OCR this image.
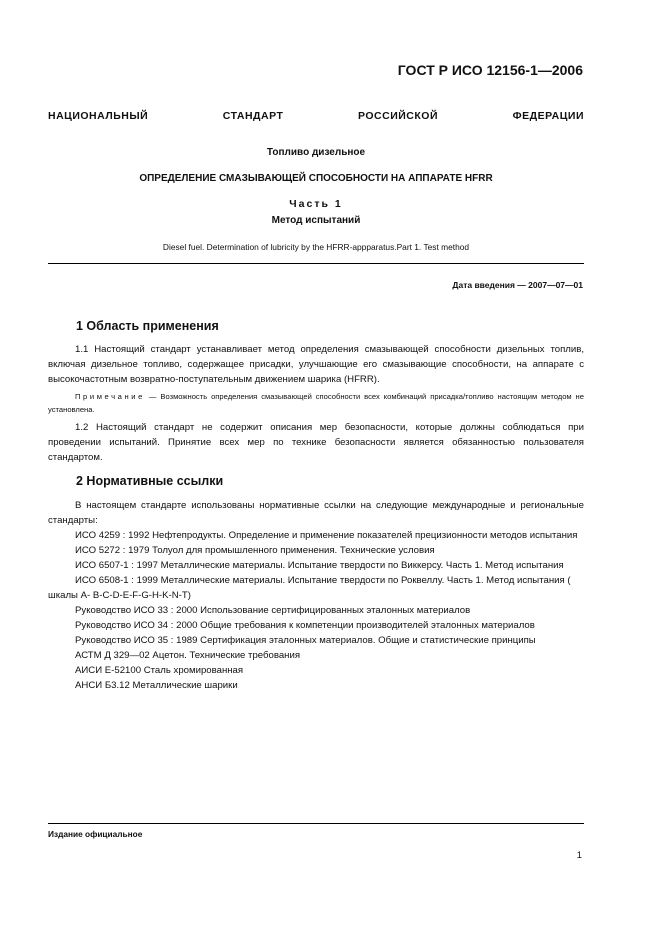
ГОСТ Р ИСО 12156-1—2006
НАЦИОНАЛЬНЫЙ СТАНДАРТ РОССИЙСКОЙ ФЕДЕРАЦИИ
Топливо дизельное
ОПРЕДЕЛЕНИЕ СМАЗЫВАЮЩЕЙ СПОСОБНОСТИ НА АППАРАТЕ HFRR
Часть 1
Метод испытаний
Diesel fuel. Determination of lubricity by the HFRR-appparatus.Part 1. Test method
Дата введения — 2007—07—01
1 Область применения
1.1 Настоящий стандарт устанавливает метод определения смазывающей способности дизельных топлив, включая дизельное топливо, содержащее присадки, улучшающие его смазывающие способности, на аппарате с высокочастотным возвратно-поступательным движением шарика (HFRR).
Примечание — Возможность определения смазывающей способности всех комбинаций присадка/топливо настоящим методом не установлена.
1.2 Настоящий стандарт не содержит описания мер безопасности, которые должны соблюдаться при проведении испытаний. Принятие всех мер по технике безопасности является обязанностью пользователя стандартом.
2 Нормативные ссылки
В настоящем стандарте использованы нормативные ссылки на следующие международные и региональные стандарты:
ИСО 4259 : 1992 Нефтепродукты. Определение и применение показателей прецизионности методов испытания
ИСО 5272 : 1979 Толуол для промышленного применения. Технические условия
ИСО 6507-1 : 1997 Металлические материалы. Испытание твердости по Виккерсу. Часть 1. Метод испытания
ИСО 6508-1 : 1999 Металлические материалы. Испытание твердости по Роквеллу. Часть 1. Метод испытания ( шкалы A- B-C-D-E-F-G-H-K-N-T)
Руководство ИСО 33 : 2000 Использование сертифицированных эталонных материалов
Руководство ИСО 34 : 2000 Общие требования к компетенции производителей эталонных материалов
Руководство ИСО 35 : 1989 Сертификация эталонных материалов. Общие и статистические принципы
АСТМ Д 329—02 Ацетон. Технические требования
АИСИ Е-52100 Сталь хромированная
АНСИ Б3.12 Металлические шарики
Издание официальное
1
